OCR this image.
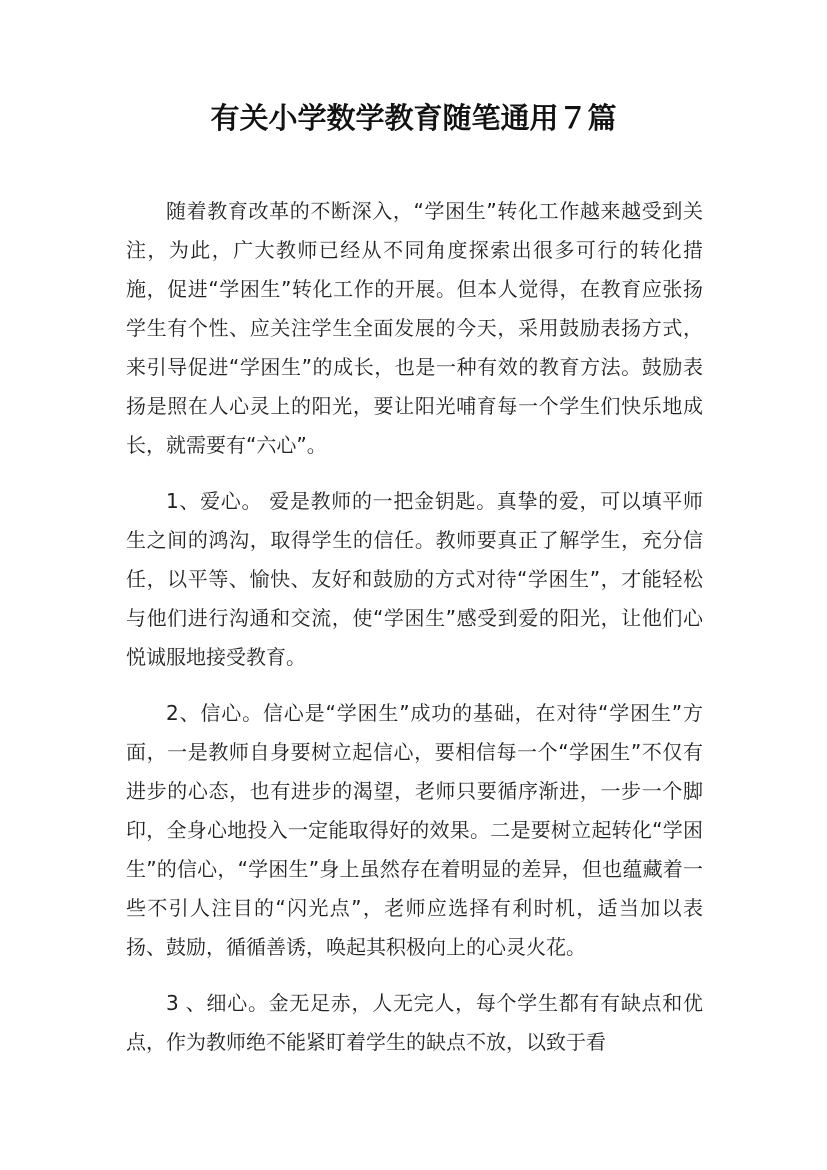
有关小学数学教育随笔通用７篇

随着教育改革的不断深入，“学困生”转化工作越来越受到关注，为此，广大教师已经从不同角度探索出很多可行的转化措施，促进“学困生”转化工作的开展。但本人觉得，在教育应张扬学生有个性、应关注学生全面发展的今天，采用鼓励表扬方式，来引导促进“学困生”的成长，也是一种有效的教育方法。鼓励表扬是照在人心灵上的阳光，要让阳光哺育每一个学生们快乐地成长，就需要有“六心”。

1、爱心。 爱是教师的一把金钥匙。真挚的爱，可以填平师生之间的鸿沟，取得学生的信任。教师要真正了解学生，充分信任，以平等、愉快、友好和鼓励的方式对待“学困生”，才能轻松与他们进行沟通和交流，使“学困生”感受到爱的阳光，让他们心悦诚服地接受教育。

2、信心。信心是“学困生”成功的基础，在对待“学困生”方面，一是教师自身要树立起信心，要相信每一个“学困生”不仅有进步的心态，也有进步的渴望，老师只要循序渐进，一步一个脚印，全身心地投入一定能取得好的效果。二是要树立起转化“学困生”的信心，“学困生”身上虽然存在着明显的差异，但也蕴藏着一些不引人注目的“闪光点”，老师应选择有利时机，适当加以表扬、鼓励，循循善诱，唤起其积极向上的心灵火花。

3 、细心。金无足赤，人无完人，每个学生都有有缺点和优点，作为教师绝不能紧盯着学生的缺点不放，以致于看
